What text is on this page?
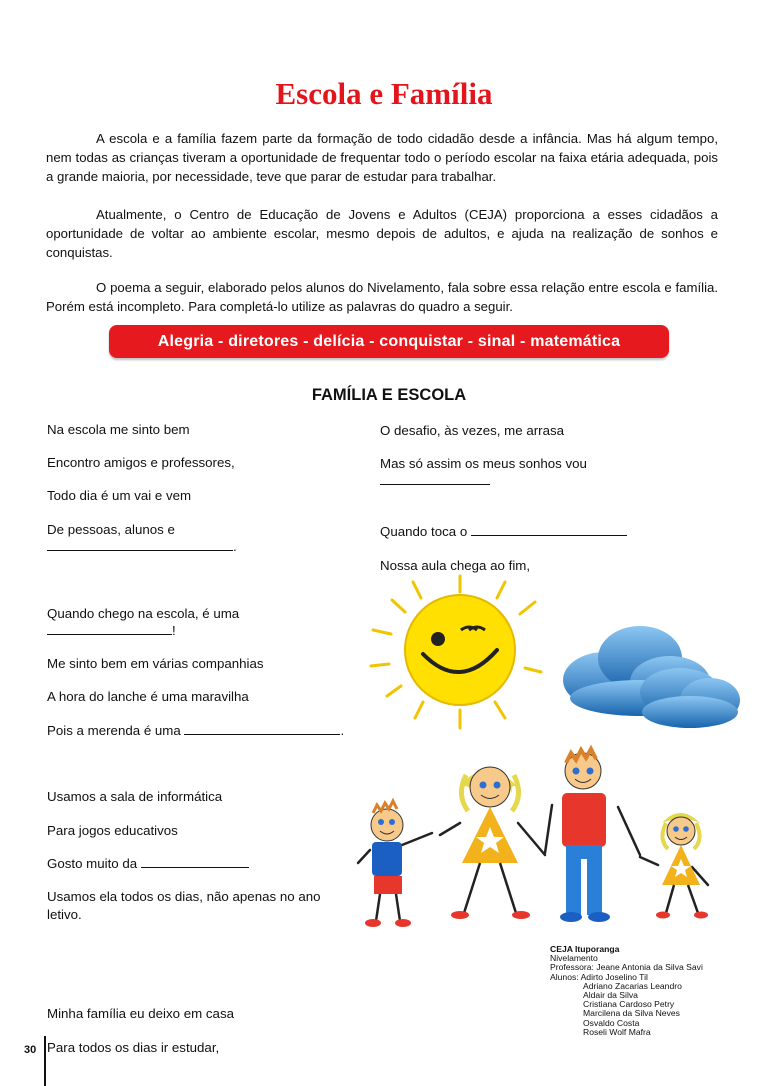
Escola e Família

A escola e a família fazem parte da formação de todo cidadão desde a infância. Mas há algum tempo, nem todas as crianças tiveram a oportunidade de frequentar todo o período escolar na faixa etária adequada, pois a grande maioria, por necessidade, teve que parar de estudar para trabalhar.

Atualmente, o Centro de Educação de Jovens e Adultos (CEJA) proporciona a esses cidadãos a oportunidade de voltar ao ambiente escolar, mesmo depois de adultos, e ajuda na realização de sonhos e conquistas.

O poema a seguir, elaborado pelos alunos do Nivelamento, fala sobre essa relação entre escola e família. Porém está incompleto. Para completá-lo utilize as palavras do quadro a seguir.

Alegria - diretores - delícia - conquistar - sinal - matemática
FAMÍLIA E ESCOLA
Na escola me sinto bem
Encontro amigos e professores,
Todo dia é um vai e vem
De pessoas, alunos e
.
Quando chego na escola, é uma
!
Me sinto bem em várias companhias
A hora do lanche é uma maravilha
Pois a merenda é uma	.
Usamos a sala de informática
Para jogos educativos
Gosto muito da
Usamos ela todos os dias, não apenas no ano
letivo.
Minha família eu deixo em casa
Para todos os dias ir estudar,
O desafio, às vezes, me arrasa
Mas só assim os meus sonhos vou
Quando toca o
Nossa aula chega ao fim,
CEJA Ituporanga
Nivelamento
Professora: Jeane Antonia da Silva Savi
Alunos: Adirto Joselino Til
Adriano Zacarias Leandro
Aldair da Silva
Cristiana Cardoso Petry
Marcilena da Silva Neves
Osvaldo Costa
Roseli Wolf Mafra
30
